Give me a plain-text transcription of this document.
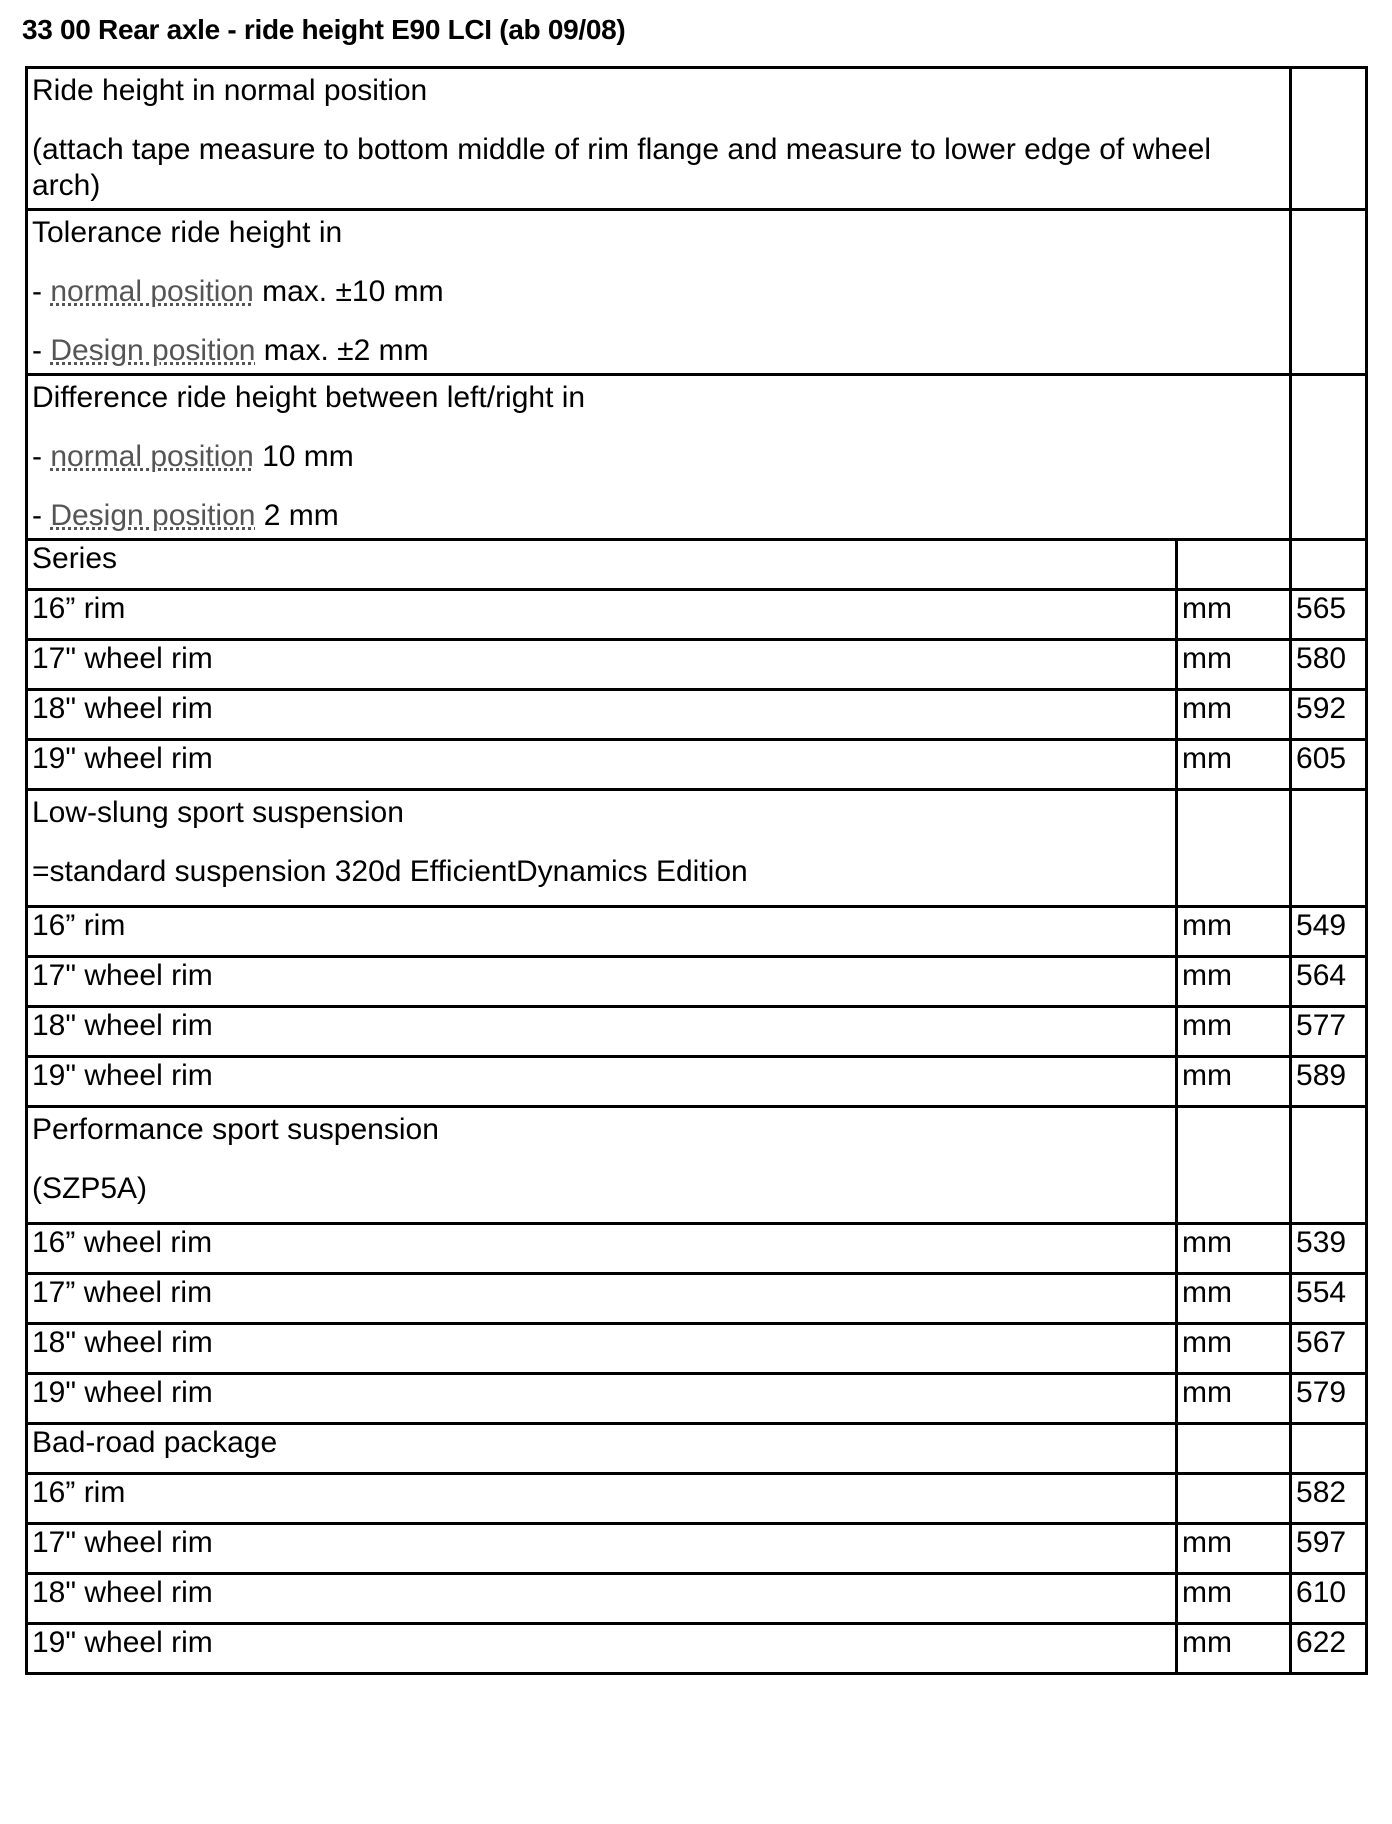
33 00 Rear axle - ride height E90 LCI (ab 09/08)
Ride height in normal position
(attach tape measure to bottom middle of rim flange and measure to lower edge of wheel arch)		

Tolerance ride height in
- normal position max. ±10 mm
- Design position max. ±2 mm		

Difference ride height between left/right in
- normal position 10 mm
- Design position 2 mm		

Series		
16” rim	mm	565
17" wheel rim	mm	580
18" wheel rim	mm	592
19" wheel rim	mm	605

Low-slung sport suspension
=standard suspension 320d EfficientDynamics Edition		

16” rim	mm	549
17" wheel rim	mm	564
18" wheel rim	mm	577
19" wheel rim	mm	589

Performance sport suspension
(SZP5A)		

16” wheel rim	mm	539
17” wheel rim	mm	554
18" wheel rim	mm	567
19" wheel rim	mm	579
Bad-road package		
16” rim		582
17" wheel rim	mm	597
18" wheel rim	mm	610
19" wheel rim	mm	622
